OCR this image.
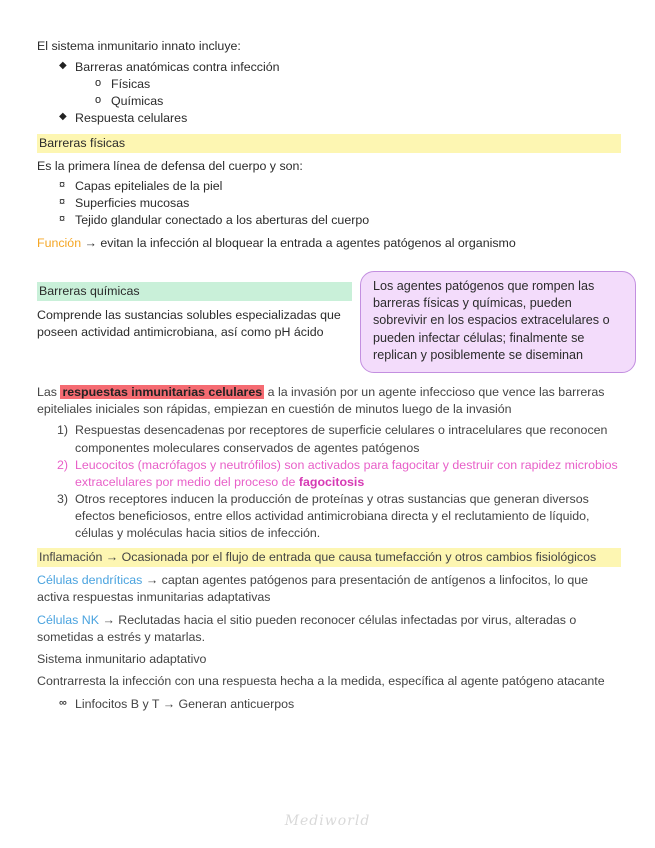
El sistema inmunitario innato incluye:

◆ Barreras anatómicas contra infección
o Físicas
o Químicas
◆ Respuesta celulares
Barreras físicas

Es la primera línea de defensa del cuerpo y son:

¤ Capas epiteliales de la piel
¤ Superficies mucosas
¤ Tejido glandular conectado a los aberturas del cuerpo

Función → evitan la infección al bloquear la entrada a agentes patógenos al organismo

Barreras químicas

Comprende las sustancias solubles especializadas que poseen actividad antimicrobiana, así como pH ácido

Los agentes patógenos que rompen las barreras físicas y químicas, pueden sobrevivir en los espacios extracelulares o pueden infectar células; finalmente se replican y posiblemente se diseminan

Las respuestas inmunitarias celulares a la invasión por un agente infeccioso que vence las barreras epiteliales iniciales son rápidas, empiezan en cuestión de minutos luego de la invasión

1) Respuestas desencadenas por receptores de superficie celulares o intracelulares que reconocen componentes moleculares conservados de agentes patógenos
2) Leucocitos (macrófagos y neutrófilos) son activados para fagocitar y destruir con rapidez microbios extracelulares por medio del proceso de fagocitosis
3) Otros receptores inducen la producción de proteínas y otras sustancias que generan diversos efectos beneficiosos, entre ellos actividad antimicrobiana directa y el reclutamiento de líquido, células y moléculas hacia sitios de infección.
Inflamación → Ocasionada por el flujo de entrada que causa tumefacción y otros cambios fisiológicos

Células dendríticas → captan agentes patógenos para presentación de antígenos a linfocitos, lo que activa respuestas inmunitarias adaptativas

Células NK → Reclutadas hacia el sitio pueden reconocer células infectadas por virus, alteradas o sometidas a estrés y matarlas.

Sistema inmunitario adaptativo

Contrarresta la infección con una respuesta hecha a la medida, específica al agente patógeno atacante

∞ Linfocitos B y T → Generan anticuerpos
Mediworld
